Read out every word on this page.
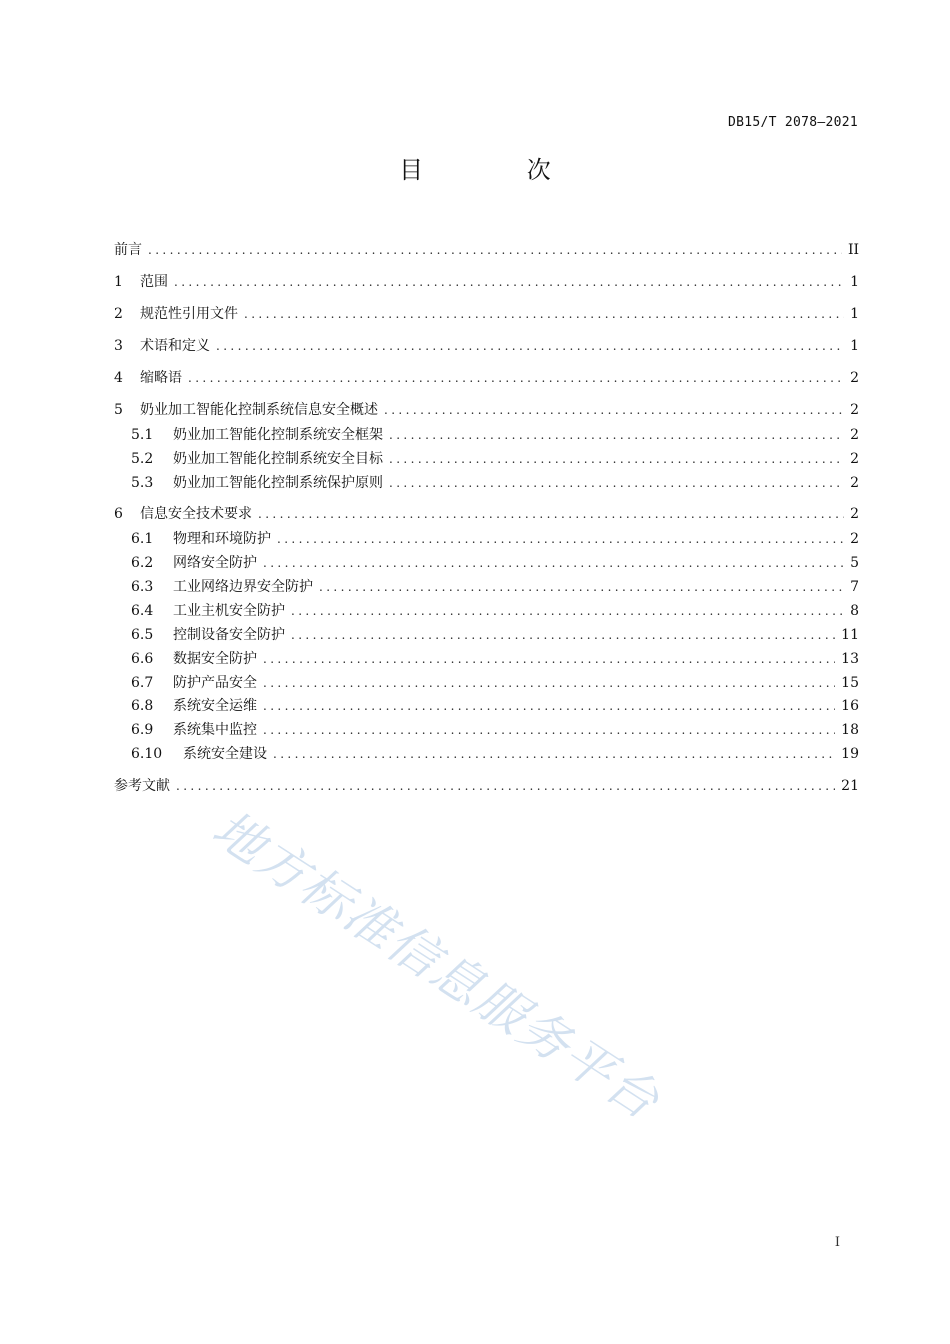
DB15/T 2078—2021
目 次
前言 .....	II
1	范围 .....	1
2	规范性引用文件 .....	1
3	术语和定义 .....	1
4	缩略语 .....	2
5	奶业加工智能化控制系统信息安全概述 .....	2
5.1	奶业加工智能化控制系统安全框架 .....	2
5.2	奶业加工智能化控制系统安全目标 .....	2
5.3	奶业加工智能化控制系统保护原则 .....	2
6	信息安全技术要求 .....	2
6.1	物理和环境防护 .....	2
6.2	网络安全防护 .....	5
6.3	工业网络边界安全防护 .....	7
6.4	工业主机安全防护 .....	8
6.5	控制设备安全防护 .....	11
6.6	数据安全防护 .....	13
6.7	防护产品安全 .....	15
6.8	系统安全运维 .....	16
6.9	系统集中监控 .....	18
6.10	系统安全建设 .....	19
参考文献 .....	21
地方标准信息服务平台
I
